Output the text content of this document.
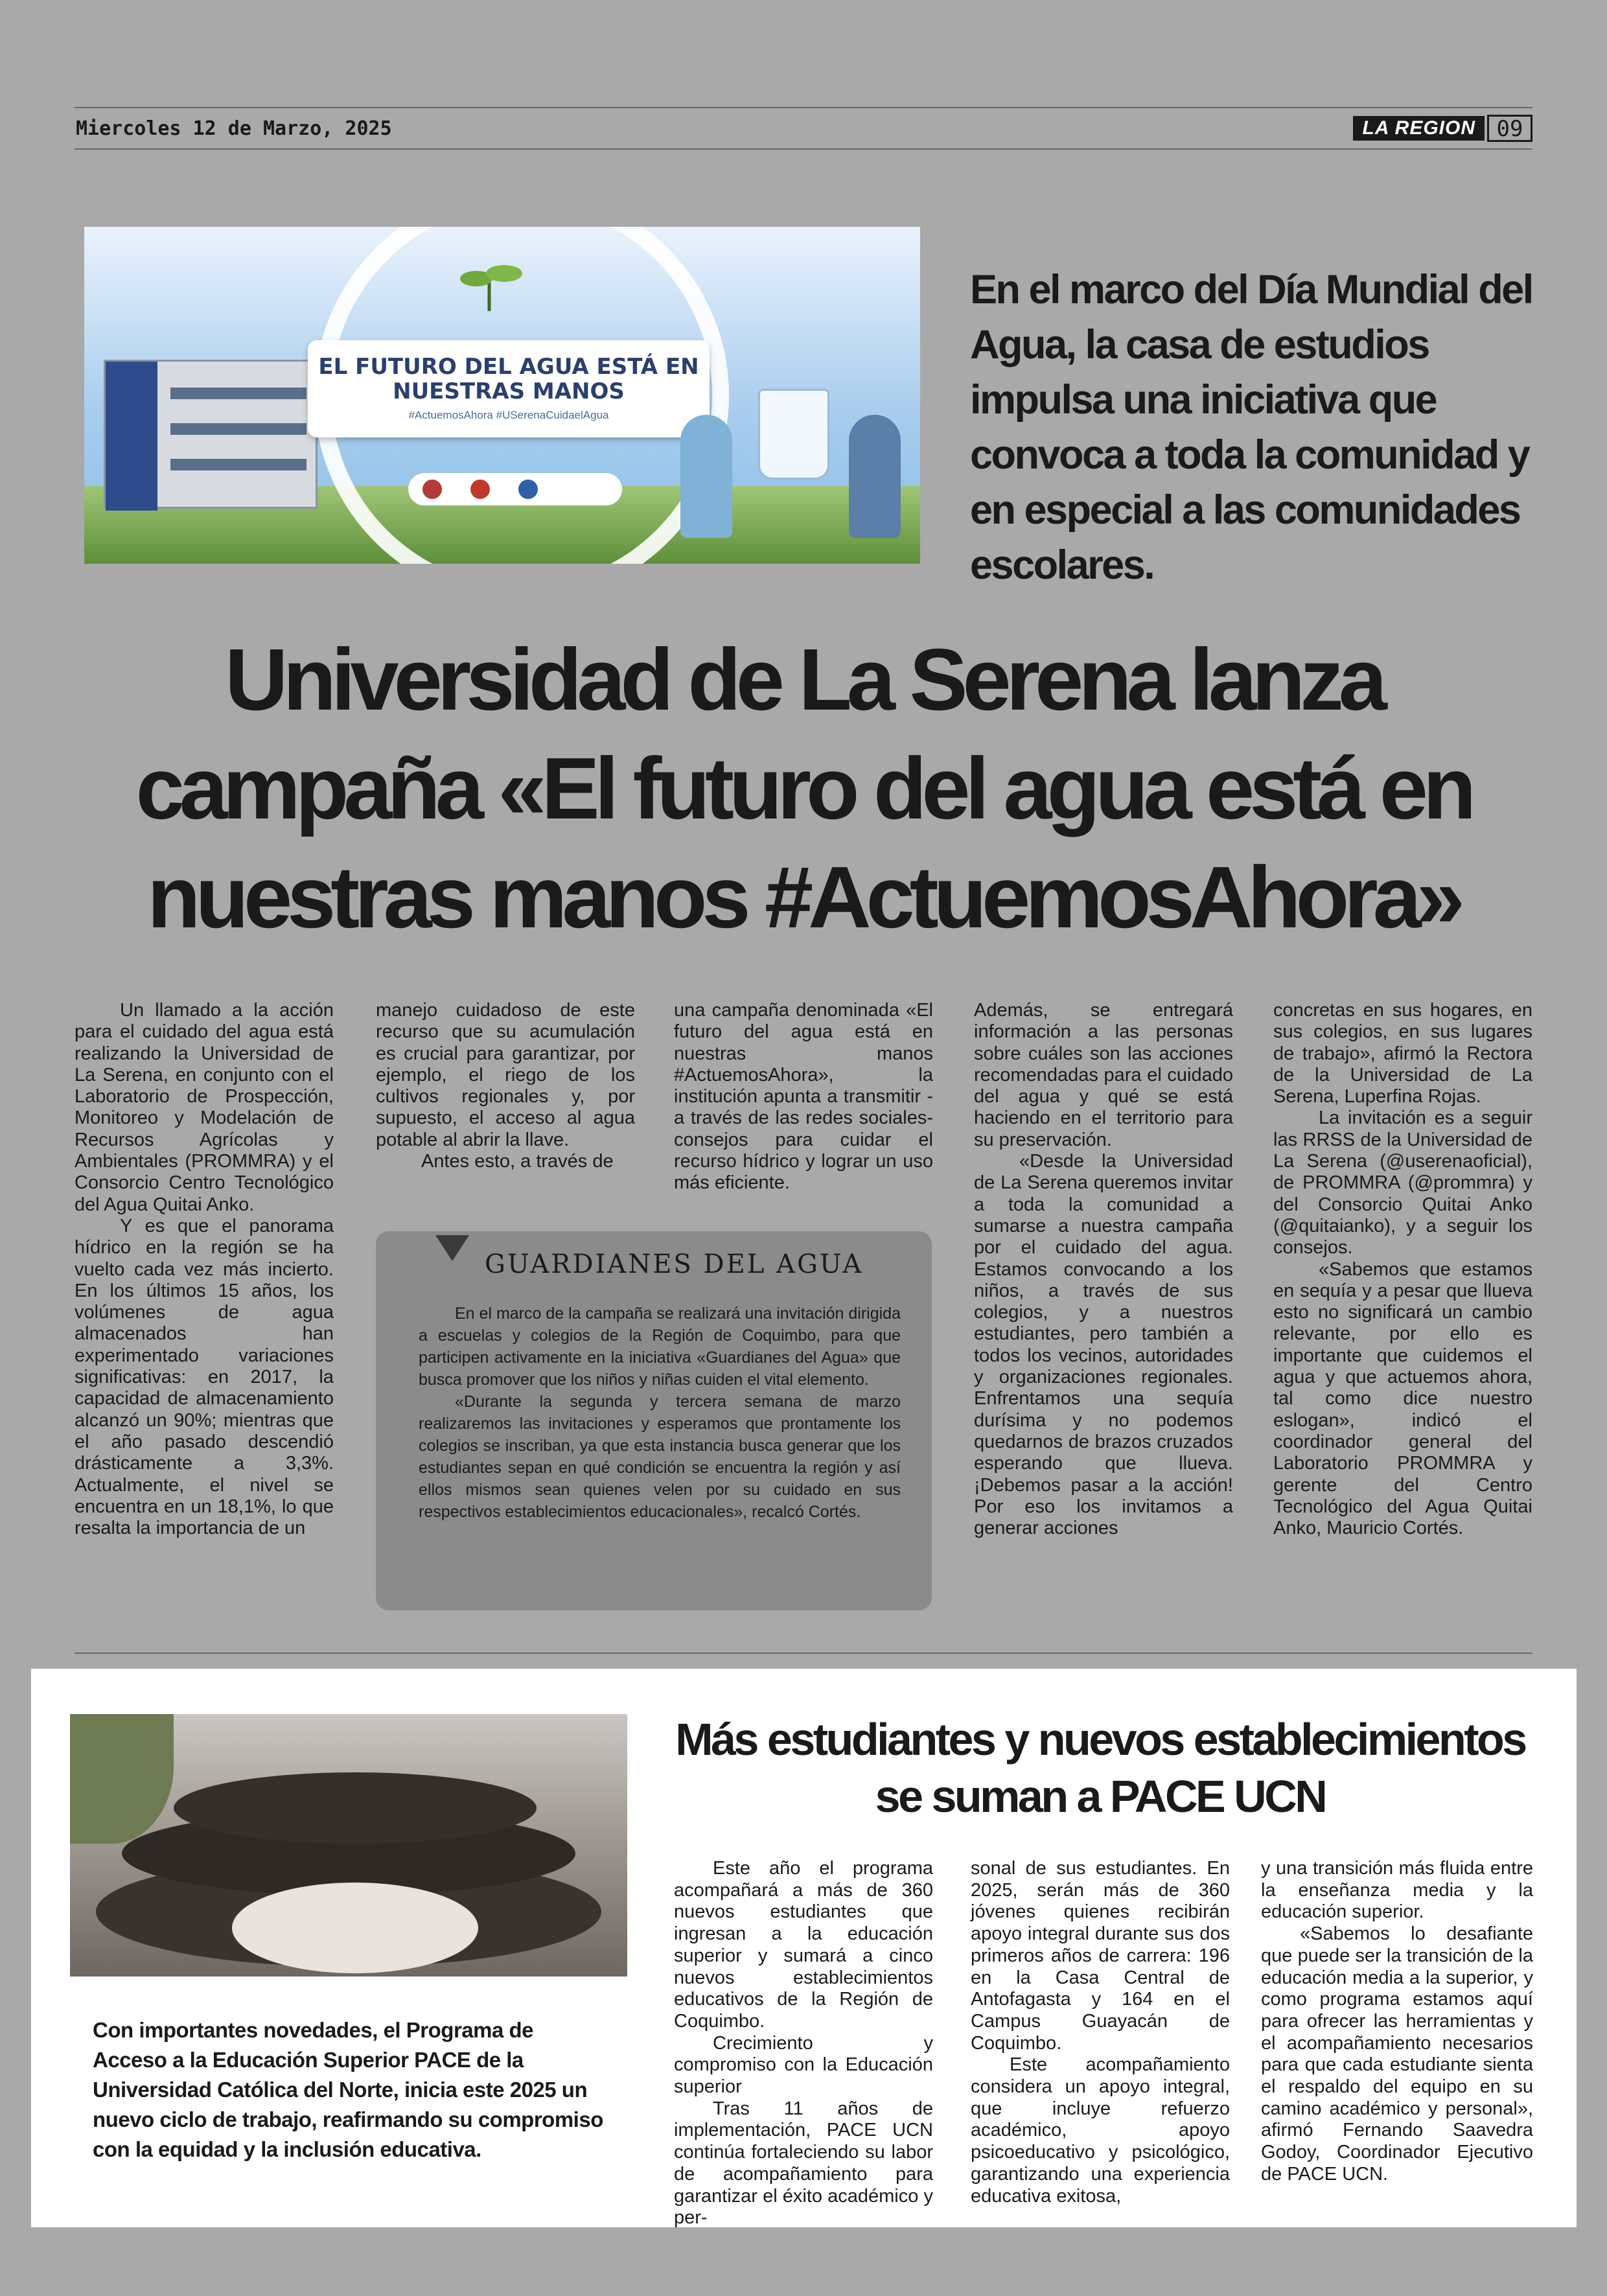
Miercoles 12 de Marzo, 2025	LA REGION 09
EL FUTURO DEL AGUA ESTÁ EN
NUESTRAS MANOS
#ActuemosAhora #USerenaCuidaelAgua
En el marco del Día Mundial del Agua, la casa de estudios impulsa una iniciativa que convoca a toda la comunidad y en especial a las comunidades escolares.
Universidad de La Serena lanza campaña «El futuro del agua está en nuestras manos #ActuemosAhora»

Un llamado a la acción para el cuidado del agua está realizando la Universidad de La Serena, en conjunto con el Laboratorio de Prospección, Monitoreo y Modelación de Recursos Agrícolas y Ambientales (PROMMRA) y el Consorcio Centro Tecnológico del Agua Quitai Anko.

Y es que el panorama hídrico en la región se ha vuelto cada vez más incierto. En los últimos 15 años, los volúmenes de agua almacenados han experimentado variaciones significativas: en 2017, la capacidad de almacenamiento alcanzó un 90%; mientras que el año pasado descendió drásticamente a 3,3%. Actualmente, el nivel se encuentra en un 18,1%, lo que resalta la importancia de un

manejo cuidadoso de este recurso que su acumulación es crucial para garantizar, por ejemplo, el riego de los cultivos regionales y, por supuesto, el acceso al agua potable al abrir la llave.

Antes esto, a través de

una campaña denominada «El futuro del agua está en nuestras manos #ActuemosAhora», la institución apunta a transmitir -a través de las redes sociales- consejos para cuidar el recurso hídrico y lograr un uso más eficiente.

Además, se entregará información a las personas sobre cuáles son las acciones recomendadas para el cuidado del agua y qué se está haciendo en el territorio para su preservación.

«Desde la Universidad de La Serena queremos invitar a toda la comunidad a sumarse a nuestra campaña por el cuidado del agua. Estamos convocando a los niños, a través de sus colegios, y a nuestros estudiantes, pero también a todos los vecinos, autoridades y organizaciones regionales. Enfrentamos una sequía durísima y no podemos quedarnos de brazos cruzados esperando que llueva. ¡Debemos pasar a la acción! Por eso los invitamos a generar acciones

concretas en sus hogares, en sus colegios, en sus lugares de trabajo», afirmó la Rectora de la Universidad de La Serena, Luperfina Rojas.

La invitación es a seguir las RRSS de la Universidad de La Serena (@userenaoficial), de PROMMRA (@prommra) y del Consorcio Quitai Anko (@quitaianko), y a seguir los consejos.

«Sabemos que estamos en sequía y a pesar que llueva esto no significará un cambio relevante, por ello es importante que cuidemos el agua y que actuemos ahora, tal como dice nuestro eslogan», indicó el coordinador general del Laboratorio PROMMRA y gerente del Centro Tecnológico del Agua Quitai Anko, Mauricio Cortés.

GUARDIANES DEL AGUA

En el marco de la campaña se realizará una invitación dirigida a escuelas y colegios de la Región de Coquimbo, para que participen activamente en la iniciativa «Guardianes del Agua» que busca promover que los niños y niñas cuiden el vital elemento.

«Durante la segunda y tercera semana de marzo realizaremos las invitaciones y esperamos que prontamente los colegios se inscriban, ya que esta instancia busca generar que los estudiantes sepan en qué condición se encuentra la región y así ellos mismos sean quienes velen por su cuidado en sus respectivos establecimientos educacionales», recalcó Cortés.

Con importantes novedades, el Programa de Acceso a la Educación Superior PACE de la Universidad Católica del Norte, inicia este 2025 un nuevo ciclo de trabajo, reafirmando su compromiso con la equidad y la inclusión educativa.
Más estudiantes y nuevos establecimientos
se suman a PACE UCN

Este año el programa acompañará a más de 360 nuevos estudiantes que ingresan a la educación superior y sumará a cinco nuevos establecimientos educativos de la Región de Coquimbo.

Crecimiento y compromiso con la Educación superior

Tras 11 años de implementación, PACE UCN continúa fortaleciendo su labor de acompañamiento para garantizar el éxito académico y per-

sonal de sus estudiantes. En 2025, serán más de 360 jóvenes quienes recibirán apoyo integral durante sus dos primeros años de carrera: 196 en la Casa Central de Antofagasta y 164 en el Campus Guayacán de Coquimbo.

Este acompañamiento considera un apoyo integral, que incluye refuerzo académico, apoyo psicoeducativo y psicológico, garantizando una experiencia educativa exitosa,

y una transición más fluida entre la enseñanza media y la educación superior.

«Sabemos lo desafiante que puede ser la transición de la educación media a la superior, y como programa estamos aquí para ofrecer las herramientas y el acompañamiento necesarios para que cada estudiante sienta el respaldo del equipo en su camino académico y personal», afirmó Fernando Saavedra Godoy, Coordinador Ejecutivo de PACE UCN.
